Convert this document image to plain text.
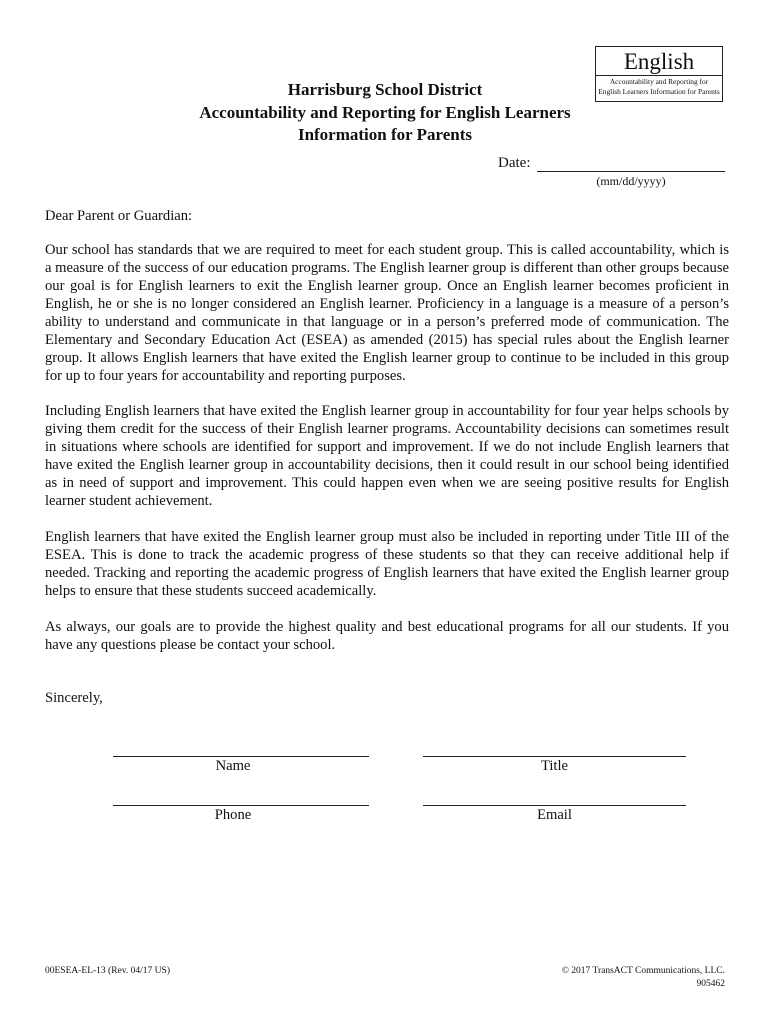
English
Accountability and Reporting for English Learners Information for Parents
Harrisburg School District
Accountability and Reporting for English Learners
Information for Parents
Date:
(mm/dd/yyyy)
Dear Parent or Guardian:
Our school has standards that we are required to meet for each student group. This is called accountability, which is a measure of the success of our education programs. The English learner group is different than other groups because our goal is for English learners to exit the English learner group. Once an English learner becomes proficient in English, he or she is no longer considered an English learner. Proficiency in a language is a measure of a person’s ability to understand and communicate in that language or in a person’s preferred mode of communication. The Elementary and Secondary Education Act (ESEA) as amended (2015) has special rules about the English learner group. It allows English learners that have exited the English learner group to continue to be included in this group for up to four years for accountability and reporting purposes.
Including English learners that have exited the English learner group in accountability for four year helps schools by giving them credit for the success of their English learner programs. Accountability decisions can sometimes result in situations where schools are identified for support and improvement. If we do not include English learners that have exited the English learner group in accountability decisions, then it could result in our school being identified as in need of support and improvement. This could happen even when we are seeing positive results for English learner student achievement.
English learners that have exited the English learner group must also be included in reporting under Title III of the ESEA. This is done to track the academic progress of these students so that they can receive additional help if needed. Tracking and reporting the academic progress of English learners that have exited the English learner group helps to ensure that these students succeed academically.
As always, our goals are to provide the highest quality and best educational programs for all our students. If you have any questions please be contact your school.
Sincerely,
Name	Title
Phone	Email
00ESEA-EL-13 (Rev. 04/17 US)	© 2017 TransACT Communications, LLC.
905462
